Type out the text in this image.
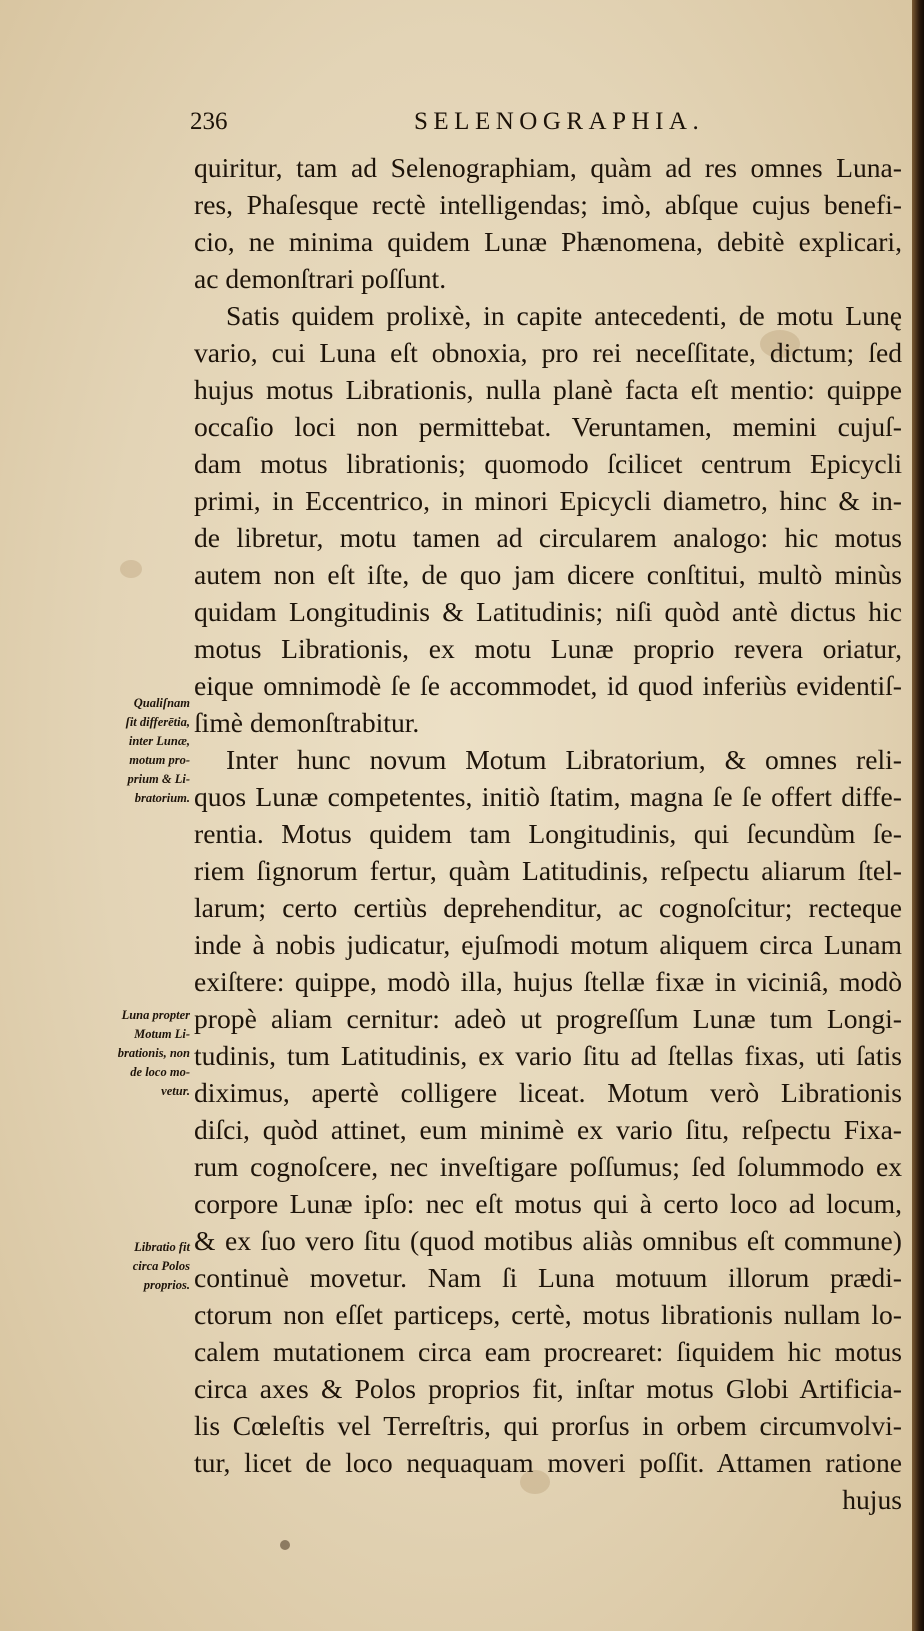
236	SELENOGRAPHIA.
quiritur, tam ad Selenographiam, quàm ad res omnes Luna-
res, Phaſesque rectè intelligendas; imò, abſque cujus benefi-
cio, ne minima quidem Lunæ Phænomena, debitè explicari,
ac demonſtrari poſſunt.
Satis quidem prolixè, in capite antecedenti, de motu Lunę
vario, cui Luna eſt obnoxia, pro rei neceſſitate, dictum; ſed
hujus motus Librationis, nulla planè facta eſt mentio: quippe
occaſio loci non permittebat. Veruntamen, memini cujuſ-
dam motus librationis; quomodo ſcilicet centrum Epicycli
primi, in Eccentrico, in minori Epicycli diametro, hinc & in-
de libretur, motu tamen ad circularem analogo: hic motus
autem non eſt iſte, de quo jam dicere conſtitui, multò minùs
quidam Longitudinis & Latitudinis; niſi quòd antè dictus hic
motus Librationis, ex motu Lunæ proprio revera oriatur,
eique omnimodè ſe ſe accommodet, id quod inferiùs evidentiſ-
ſimè demonſtrabitur.
Inter hunc novum Motum Libratorium, & omnes reli-
quos Lunæ competentes, initiò ſtatim, magna ſe ſe offert diffe-
rentia. Motus quidem tam Longitudinis, qui ſecundùm ſe-
riem ſignorum fertur, quàm Latitudinis, reſpectu aliarum ſtel-
larum; certo certiùs deprehenditur, ac cognoſcitur; recteque
inde à nobis judicatur, ejuſmodi motum aliquem circa Lunam
exiſtere: quippe, modò illa, hujus ſtellæ fixæ in viciniâ, modò
propè aliam cernitur: adeò ut progreſſum Lunæ tum Longi-
tudinis, tum Latitudinis, ex vario ſitu ad ſtellas fixas, uti ſatis
diximus, apertè colligere liceat. Motum verò Librationis
diſci, quòd attinet, eum minimè ex vario ſitu, reſpectu Fixa-
rum cognoſcere, nec inveſtigare poſſumus; ſed ſolummodo ex
corpore Lunæ ipſo: nec eſt motus qui à certo loco ad locum,
& ex ſuo vero ſitu (quod motibus aliàs omnibus eſt commune)
continuè movetur. Nam ſi Luna motuum illorum prædi-
ctorum non eſſet particeps, certè, motus librationis nullam lo-
calem mutationem circa eam procrearet: ſiquidem hic motus
circa axes & Polos proprios fit, inſtar motus Globi Artificia-
lis Cœleſtis vel Terreſtris, qui prorſus in orbem circumvolvi-
tur, licet de loco nequaquam moveri poſſit. Attamen ratione
hujus
Qualiſnam
ſit differētia,
inter Lunæ,
motum pro-
prium & Li-
bratorium.
Luna propter
Motum Li-
brationis, non
de loco mo-
vetur.
Libratio fit
circa Polos
proprios.
